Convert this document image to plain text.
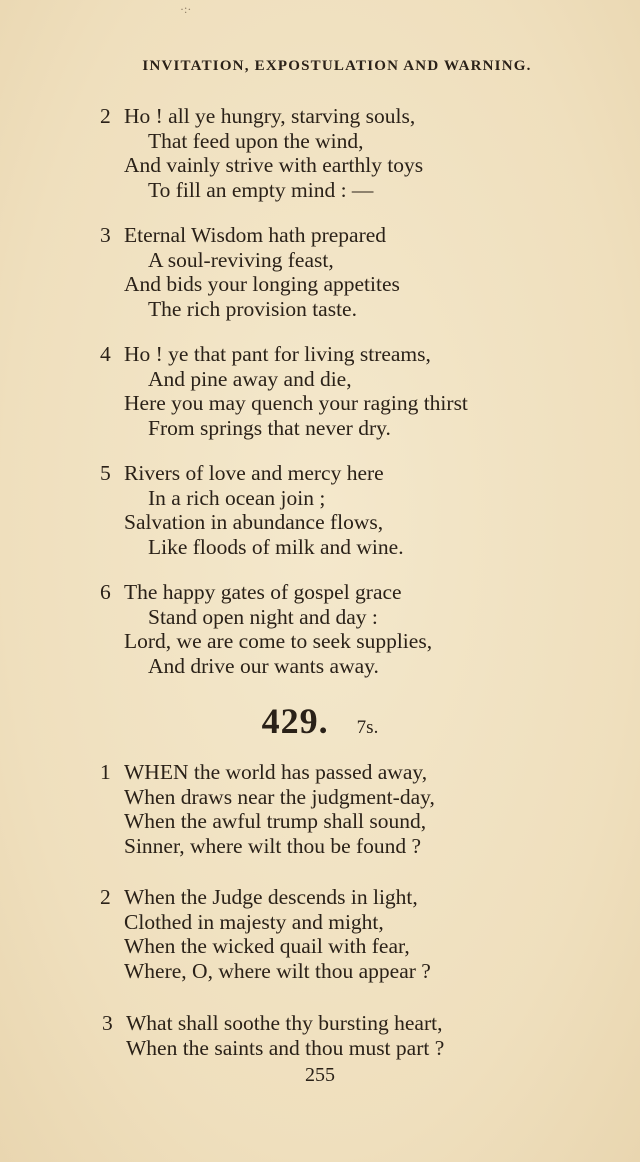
·:·
INVITATION, EXPOSTULATION AND WARNING.
2 Ho ! all ye hungry, starving souls,
That feed upon the wind,
And vainly strive with earthly toys
To fill an empty mind : —
3 Eternal Wisdom hath prepared
A soul-reviving feast,
And bids your longing appetites
The rich provision taste.
4 Ho ! ye that pant for living streams,
And pine away and die,
Here you may quench your raging thirst
From springs that never dry.
5 Rivers of love and mercy here
In a rich ocean join ;
Salvation in abundance flows,
Like floods of milk and wine.
6 The happy gates of gospel grace
Stand open night and day :
Lord, we are come to seek supplies,
And drive our wants away.
429. 7s.
1 WHEN the world has passed away,
When draws near the judgment-day,
When the awful trump shall sound,
Sinner, where wilt thou be found ?
2 When the Judge descends in light,
Clothed in majesty and might,
When the wicked quail with fear,
Where, O, where wilt thou appear ?
3 What shall soothe thy bursting heart,
When the saints and thou must part ?
255
